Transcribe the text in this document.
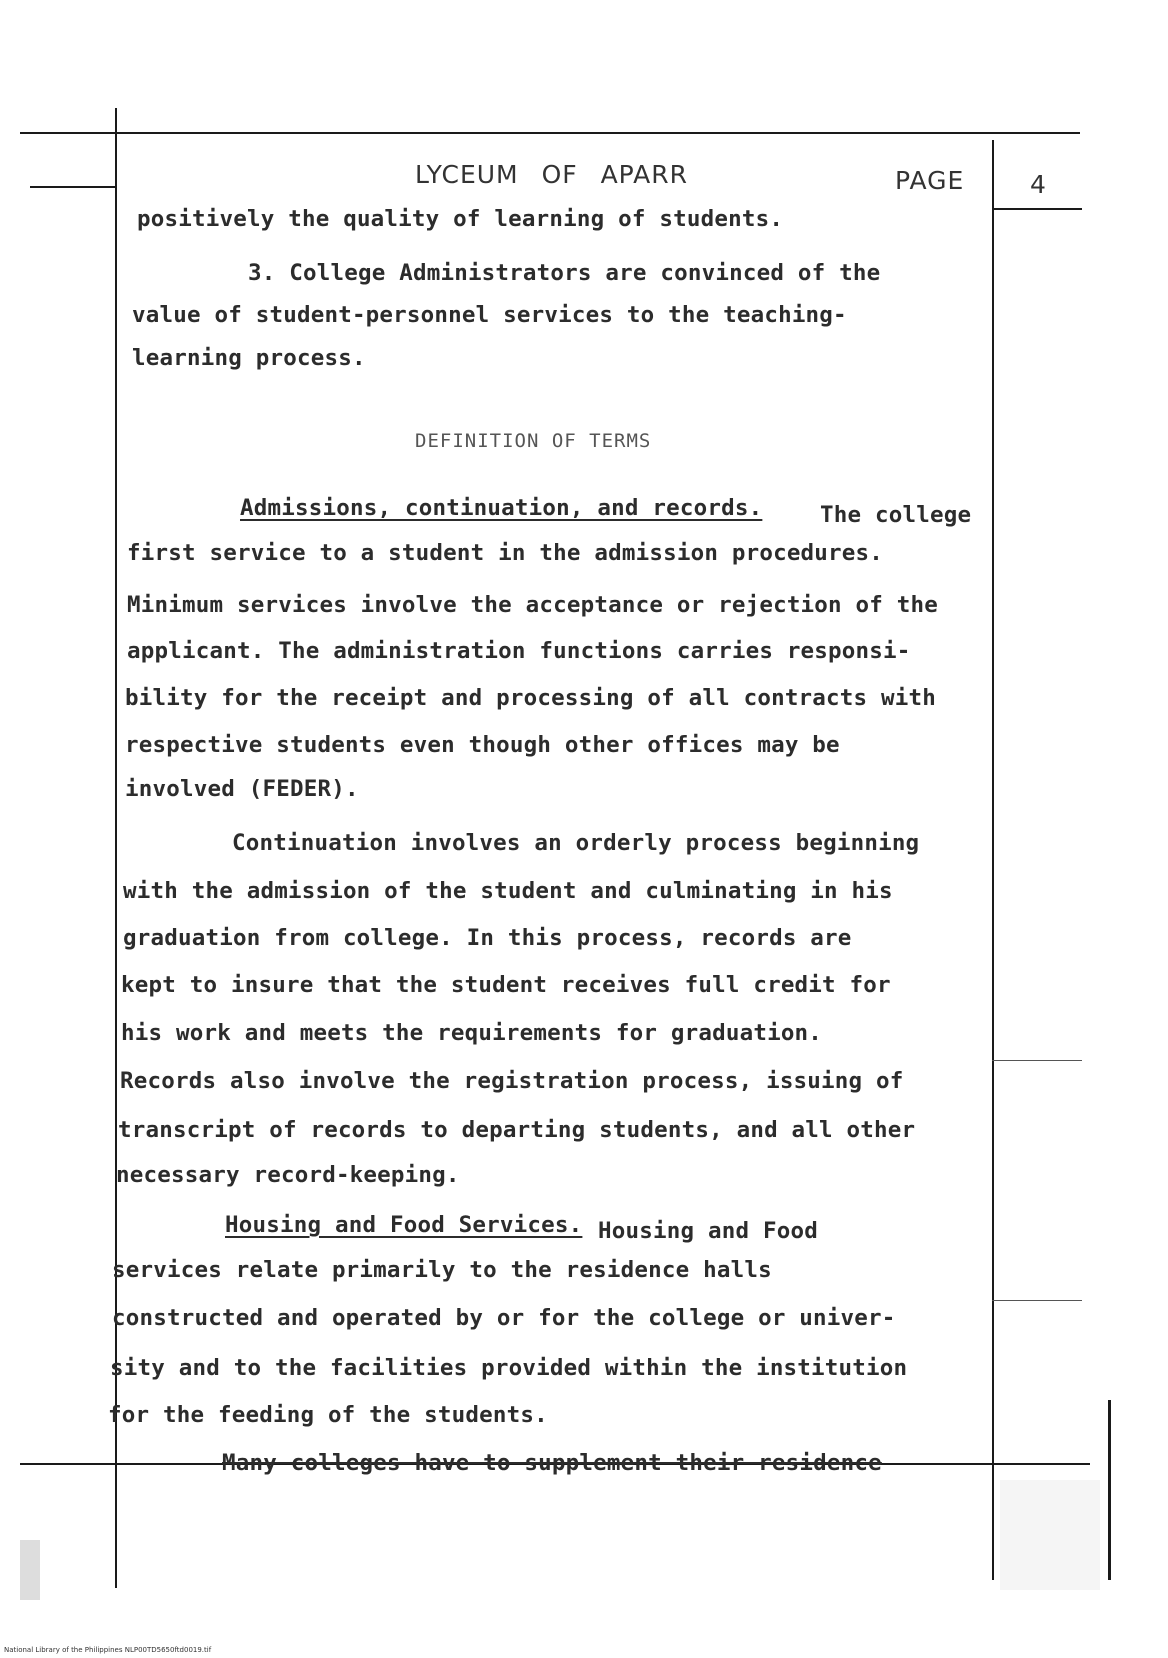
LYCEUM OF APARR	PAGE	4
positively the quality of learning of students.
3. College Administrators are convinced of the
value of student-personnel services to the teaching-
learning process.
DEFINITION OF TERMS
Admissions, continuation, and records.	The college
first service to a student in the admission procedures.
Minimum services involve the acceptance or rejection of the
applicant. The administration functions carries responsi-
bility for the receipt and processing of all contracts with
respective students even though other offices may be
involved (FEDER).
Continuation involves an orderly process beginning
with the admission of the student and culminating in his
graduation from college. In this process, records are
kept to insure that the student receives full credit for
his work and meets the requirements for graduation.
Records also involve the registration process, issuing of
transcript of records to departing students, and all other
necessary record-keeping.
Housing and Food Services. Housing and Food
services relate primarily to the residence halls
constructed and operated by or for the college or univer-
sity and to the facilities provided within the institution
for the feeding of the students.
Many colleges have to supplement their residence
National Library of the Philippines NLP00TD5650ftd0019.tif
